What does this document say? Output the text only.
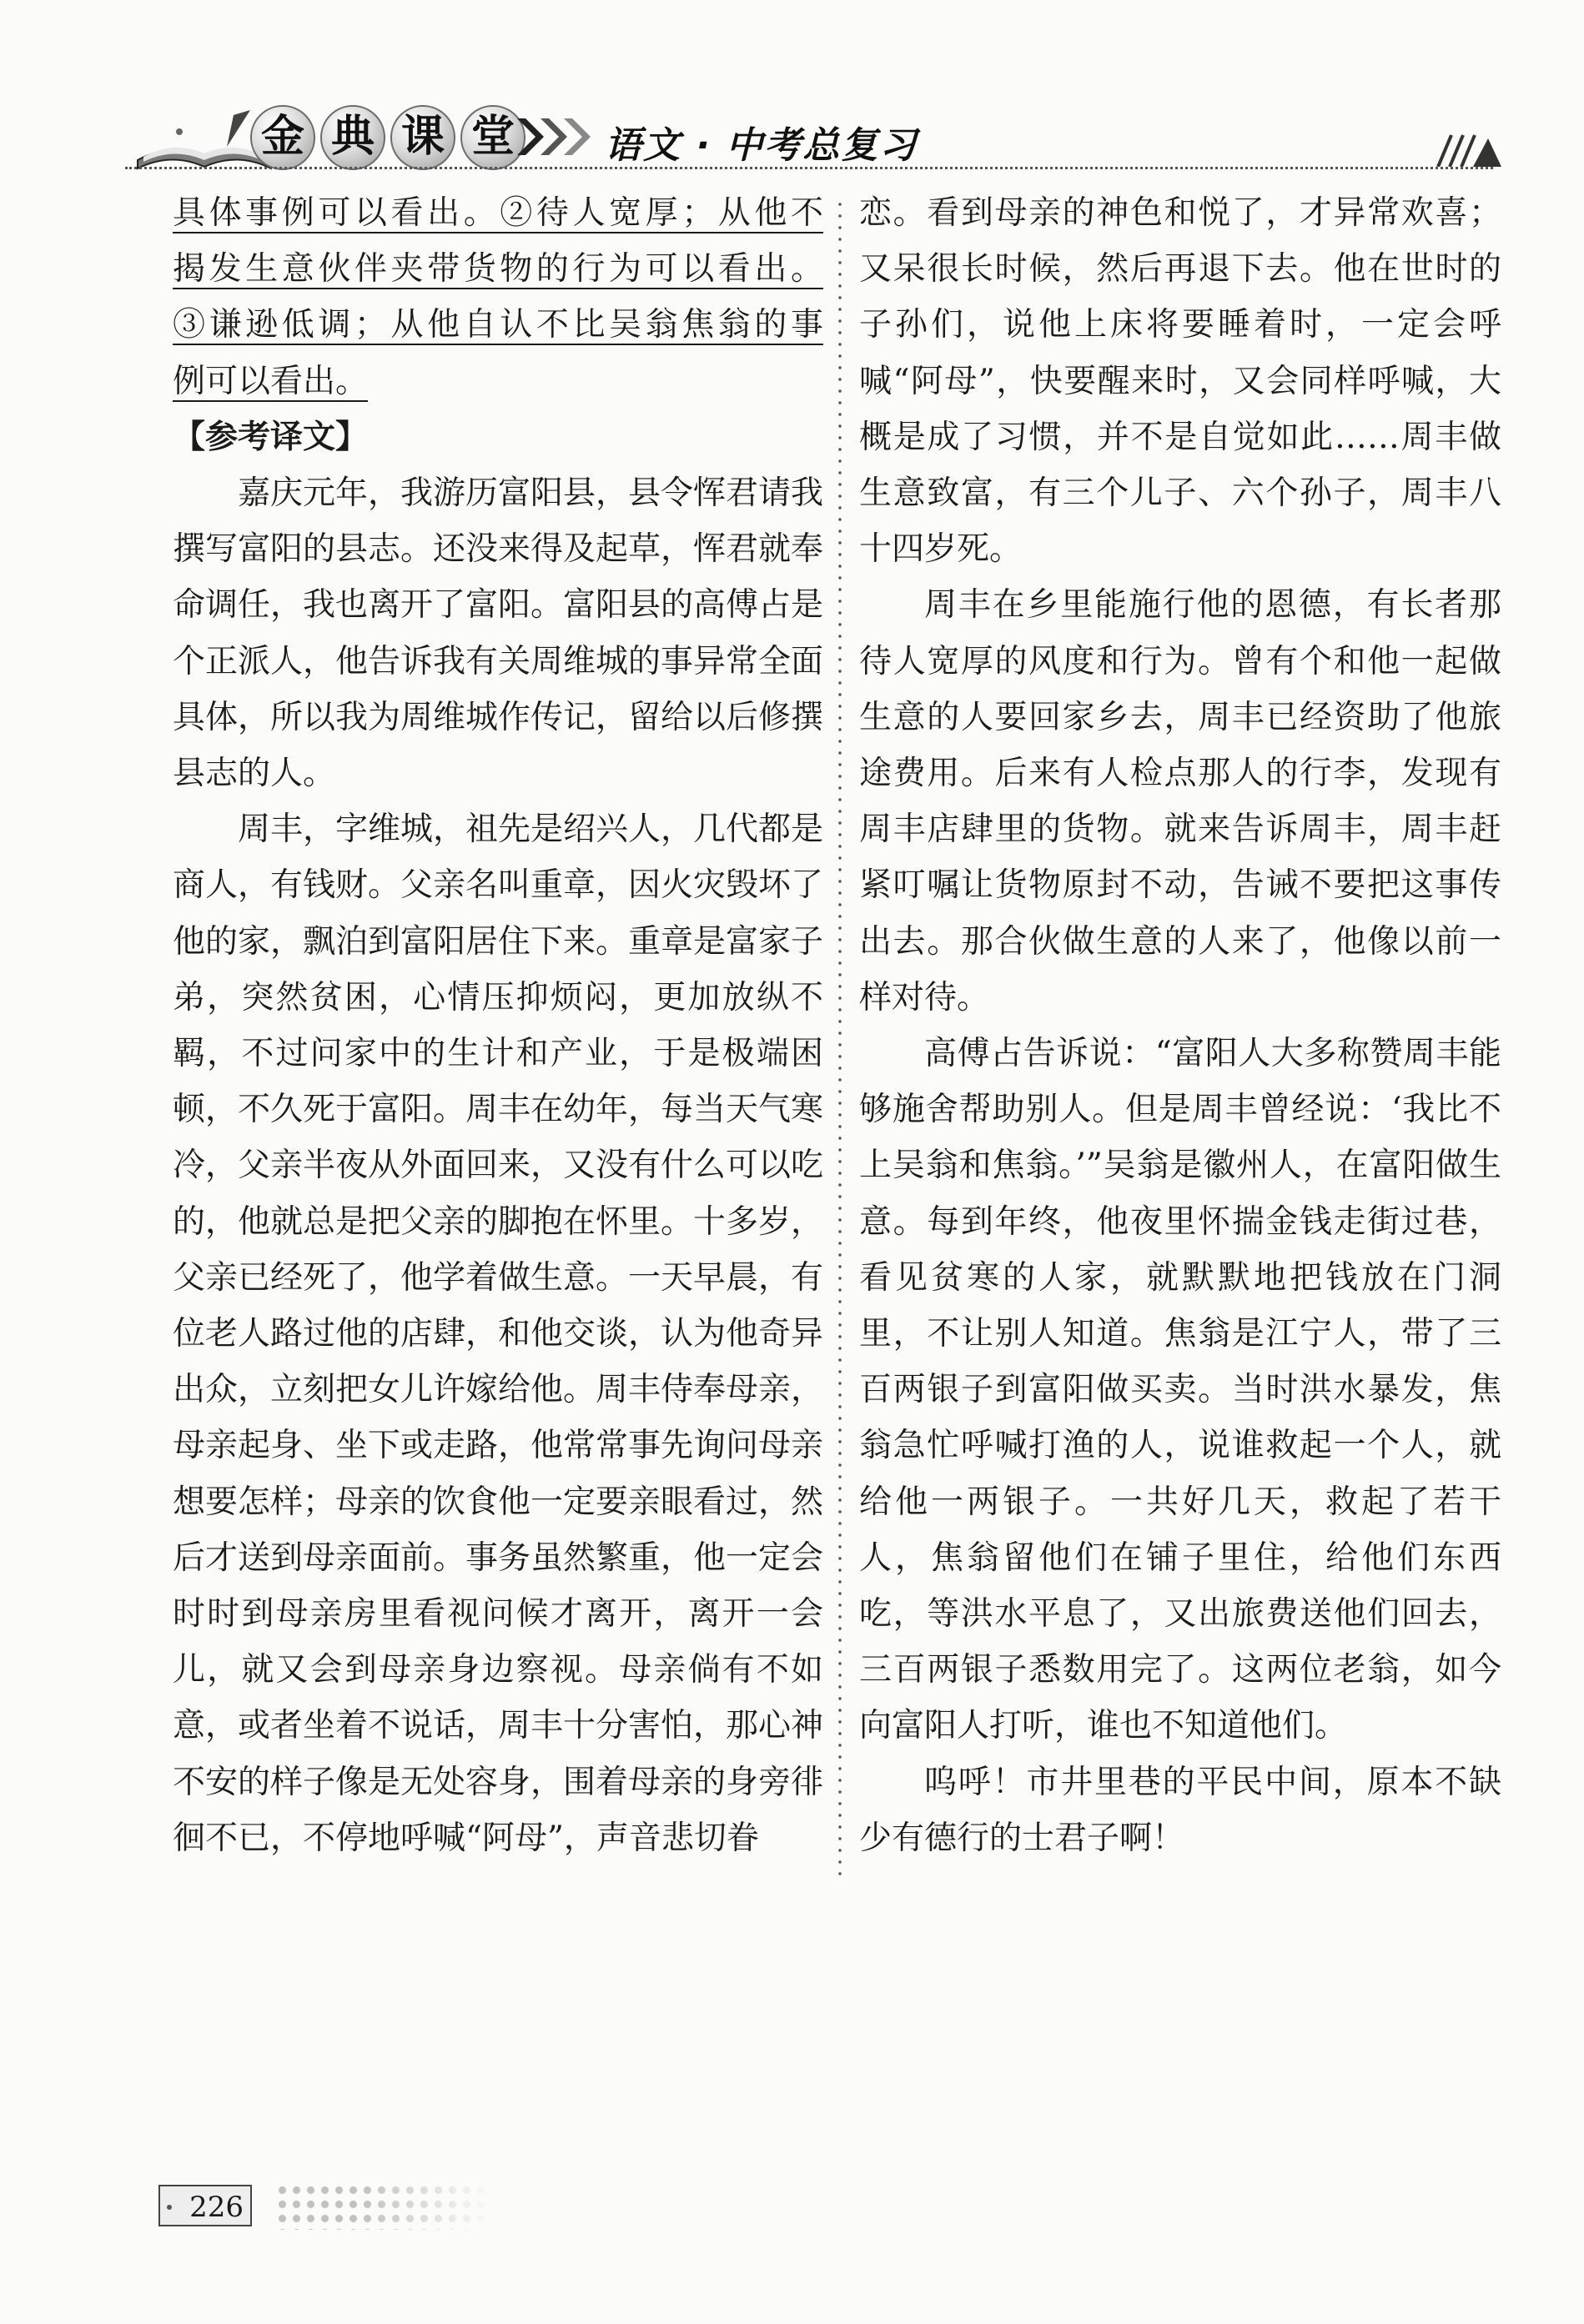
金 典 课 堂 语文 · 中考总复习

具体事例可以看出。②待人宽厚；从他不

揭发生意伙伴夹带货物的行为可以看出。

③谦逊低调；从他自认不比吴翁焦翁的事

例可以看出。

【参考译文】

嘉庆元年，我游历富阳县，县令恽君请我撰写富阳的县志。还没来得及起草，恽君就奉命调任，我也离开了富阳。富阳县的高傅占是个正派人，他告诉我有关周维城的事异常全面具体，所以我为周维城作传记，留给以后修撰县志的人。

周丰，字维城，祖先是绍兴人，几代都是商人，有钱财。父亲名叫重章，因火灾毁坏了他的家，飘泊到富阳居住下来。重章是富家子弟，突然贫困，心情压抑烦闷，更加放纵不羁，不过问家中的生计和产业，于是极端困顿，不久死于富阳。周丰在幼年，每当天气寒冷，父亲半夜从外面回来，又没有什么可以吃的，他就总是把父亲的脚抱在怀里。十多岁，父亲已经死了，他学着做生意。一天早晨，有位老人路过他的店肆，和他交谈，认为他奇异出众，立刻把女儿许嫁给他。周丰侍奉母亲，母亲起身、坐下或走路，他常常事先询问母亲想要怎样；母亲的饮食他一定要亲眼看过，然后才送到母亲面前。事务虽然繁重，他一定会时时到母亲房里看视问候才离开，离开一会儿，就又会到母亲身边察视。母亲倘有不如意，或者坐着不说话，周丰十分害怕，那心神不安的样子像是无处容身，围着母亲的身旁徘徊不已，不停地呼喊“阿母”，声音悲切眷

恋。看到母亲的神色和悦了，才异常欢喜；又呆很长时候，然后再退下去。他在世时的子孙们，说他上床将要睡着时，一定会呼喊“阿母”，快要醒来时，又会同样呼喊，大概是成了习惯，并不是自觉如此……周丰做生意致富，有三个儿子、六个孙子，周丰八十四岁死。

周丰在乡里能施行他的恩德，有长者那待人宽厚的风度和行为。曾有个和他一起做生意的人要回家乡去，周丰已经资助了他旅途费用。后来有人检点那人的行李，发现有周丰店肆里的货物。就来告诉周丰，周丰赶紧叮嘱让货物原封不动，告诫不要把这事传出去。那合伙做生意的人来了，他像以前一样对待。

高傅占告诉说：“富阳人大多称赞周丰能够施舍帮助别人。但是周丰曾经说：‘我比不上吴翁和焦翁。’”吴翁是徽州人，在富阳做生意。每到年终，他夜里怀揣金钱走街过巷，看见贫寒的人家，就默默地把钱放在门洞里，不让别人知道。焦翁是江宁人，带了三百两银子到富阳做买卖。当时洪水暴发，焦翁急忙呼喊打渔的人，说谁救起一个人，就给他一两银子。一共好几天，救起了若干人，焦翁留他们在铺子里住，给他们东西吃，等洪水平息了，又出旅费送他们回去，三百两银子悉数用完了。这两位老翁，如今向富阳人打听，谁也不知道他们。

呜呼！市井里巷的平民中间，原本不缺少有德行的士君子啊！

226
